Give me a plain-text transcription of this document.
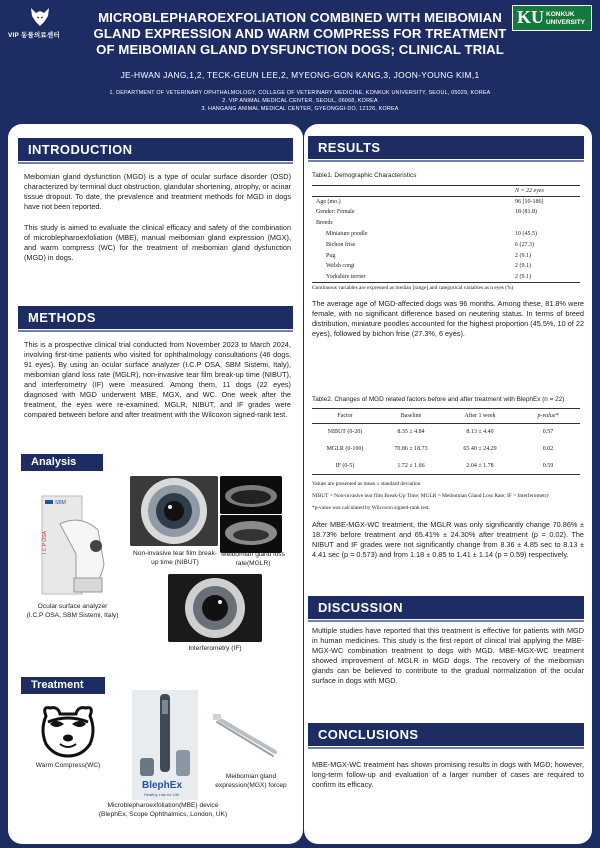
VIP 동물의료센터
MICROBLEPHAROEXFOLIATION COMBINED WITH MEIBOMIAN
GLAND EXPRESSION AND WARM COMPRESS FOR TREATMENT
OF MEIBOMIAN GLAND DYSFUNCTION DOGS; CLINICAL TRIAL
KU KONKUK
UNIVERSITY
JE-HWAN JANG,1,2, TECK-GEUN LEE,2, MYEONG-GON KANG,3, JOON-YOUNG KIM,1
1. DEPARTMENT OF VETERINARY OPHTHALMOLOGY, COLLEGE OF VETERINARY MEDICINE, KONKUK UNIVERSITY, SEOUL, 05029, KOREA
2. VIP ANIMAL MEDICAL CENTER, SEOUL, 06068, KOREA
3. HANGANG ANIMAL MEDICAL CENTER, GYEONGGI-DO, 12126, KOREA
INTRODUCTION
Meibomian gland dysfunction (MGD) is a type of ocular surface disorder (OSD) characterized by terminal duct obstruction, glandular shortening, atrophy, or acinar tissue dropout. To date, the prevalence and treatment methods for MGD in dogs have not been reported.
This study is aimed to evaluate the clinical efficacy and safety of the combination of microblepharoexfoliation (MBE), manual meibomian gland expression (MGX), and warm compress (WC) for the treatment of meibomian gland dysfunction (MGD) in dogs.
METHODS
This is a prospective clinical trial conducted from November 2023 to March 2024, involving first-time patients who visited for ophthalmology consultations (46 dogs, 91 eyes). By using an ocular surface analyzer (I.C.P OSA, SBM Sistemi, Italy), meibomian gland loss rate (MGLR), non-invasive tear film break-up time (NIBUT), and interferometry (IF) were measured. Among them, 11 dogs (22 eyes) diagnosed with MGD underwent MBE, MGX, and WC. One week after the treatment, the eyes were re-examined. MGLR, NIBUT, and IF grades were compared between before and after treatment with the Wilcoxon signed-rank test.
Analysis
SBM
I.C.P OSA
Ocular surface analyzer
(I.C.P OSA, SBM Sistemi, Italy)
Non-invasive tear film break-
up time (NIBUT)
Meibomian gland loss
rate(MGLR)
Interferometry (IF)
Treatment
Warm Compress(WC)
BlephEx
Healthy Lids for Life
Meibomian gland
expression(MGX) forcep
Microblepharoexfoliation(MBE) device
(BlephEx, Scope Ophthalmics, London, UK)
RESULTS
Table1. Demographic Characteristics
	N = 22 eyes
Age (mo.)	96 [10-186]
Gender: Female	18 (81.8)
Breeds	
Miniature poodle	10 (45.5)
Bichon frise	6 (27.3)
Pug	2 (9.1)
Welsh corgi	2 (9.1)
Yorkshire terrier	2 (9.1)
Continuous variables are expressed as median [range] and categorical variables as n eyes (%)
The average age of MGD-affected dogs was 96 months. Among these, 81.8% were female, with no significant difference based on neutering status. In terms of breed distribution, miniature poodles accounted for the highest proportion (45.5%, 10 of 22 eyes), followed by bichon frise (27.3%, 6 eyes).
Table2. Changes of MGD related factors before and after treatment with BlephEx (n = 22)
Factor	Baseline	After 1 week	p-value*
NIBUT (0-20)	8.35 ± 4.84	8.13 ± 4.40	0.57
MGLR (0-100)	70.86 ± 18.73	65.40 ± 24.29	0.02
IF (0-5)	1.72 ± 1.66	2.04 ± 1.78	0.59
Values are presented as mean ± standard deviation
NIBUT = Non-invasive tear film Break-Up Time; MGLR = Meibomian Gland Loss Rate; IF = Interferometry
*p-value was calculated by Wilcoxon signed-rank test.
After MBE-MGX-WC treatment, the MGLR was only significantly change 70.86% ± 18.73% before treatment and 65.41% ± 24.30% after treatment (p = 0.02). The NIBUT and IF grades were not significantly change from 8.36 ± 4.85 sec to 8.13 ± 4.41 sec (p = 0.573) and from 1.18 ± 0.85 to 1.41 ± 1.14 (p = 0.59) respectively.
DISCUSSION
Multiple studies have reported that this treatment is effective for patients with MGD in human medicines. This study is the first report of clinical trial applying the MBE-MGX-WC combination treatment to dogs with MGD. MBE-MGX-WC treatment showed improvement of MGLR in MGD dogs. The recovery of the meibomian glands can be believed to contribute to the gradual normalization of the ocular surface in dogs with MGD.
CONCLUSIONS
MBE-MGX-WC treatment has shown promising results in dogs with MGD; however, long-term follow-up and evaluation of a larger number of cases are required to confirm its efficacy.
